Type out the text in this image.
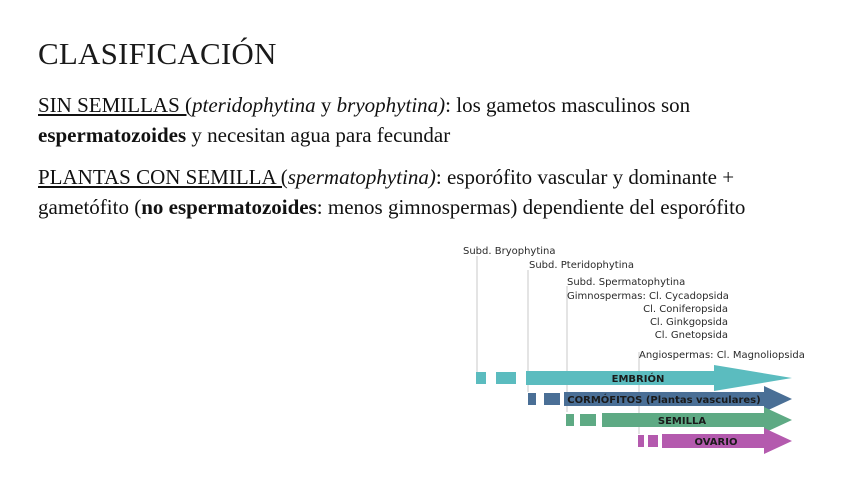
CLASIFICACIÓN
SIN SEMILLAS (pteridophytina y bryophytina): los gametos masculinos son espermatozoides y necesitan agua para fecundar
PLANTAS CON SEMILLA (spermatophytina): esporófito vascular y dominante + gametófito (no espermatozoides: menos gimnospermas) dependiente del esporófito
Subd. Bryophytina
Subd. Pteridophytina
Subd. Spermatophytina
Gimnospermas: Cl. Cycadopsida
Cl. Coniferopsida
Cl. Ginkgopsida
Cl. Gnetopsida
Angiospermas: Cl. Magnoliopsida
EMBRIÓN
CORMÓFITOS (Plantas vasculares)
SEMILLA
OVARIO
